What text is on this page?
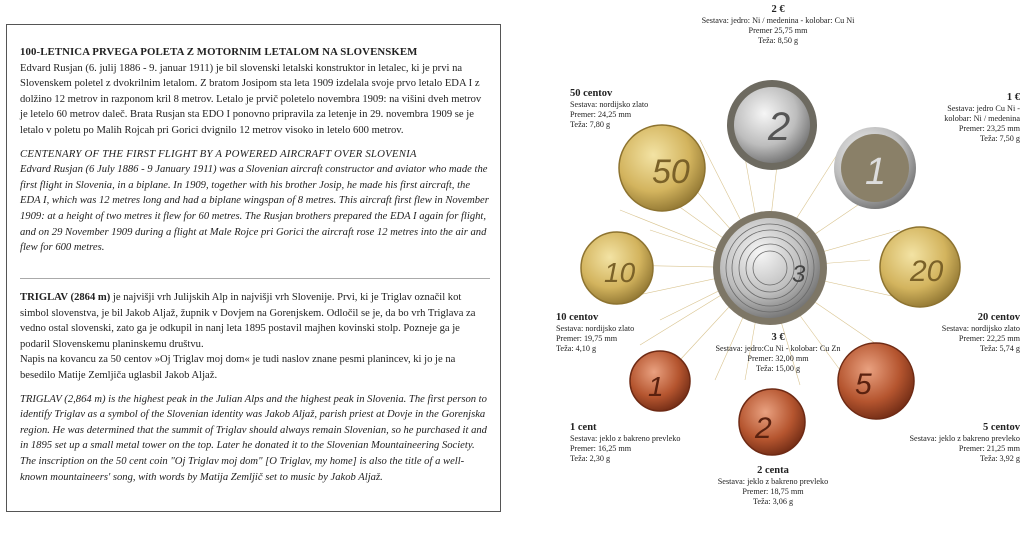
100-LETNICA PRVEGA POLETA Z MOTORNIM LETALOM NA SLOVENSKEM

Edvard Rusjan (6. julij 1886 - 9. januar 1911) je bil slovenski letalski konstruktor in letalec, ki je prvi na Slovenskem poletel z dvokrilnim letalom. Z bratom Josipom sta leta 1909 izdelala svoje prvo letalo EDA I z dolžino 12 metrov in razponom kril 8 metrov. Letalo je prvič poletelo novembra 1909: na višini dveh metrov je letelo 60 metrov daleč. Brata Rusjan sta EDO I ponovno pripravila za letenje in 29. novembra 1909 se je letalo v poletu po Malih Rojcah pri Gorici dvignilo 12 metrov visoko in letelo 600 metrov.

CENTENARY OF THE FIRST FLIGHT BY A POWERED AIRCRAFT OVER SLOVENIA

Edvard Rusjan (6 July 1886 - 9 January 1911) was a Slovenian aircraft constructor and aviator who made the first flight in Slovenia, in a biplane. In 1909, together with his brother Josip, he made his first aircraft, the EDA I, which was 12 metres long and had a biplane wingspan of 8 metres. This aircraft first flew in November 1909: at a height of two metres it flew for 60 metres. The Rusjan brothers prepared the EDA I again for flight, and on 29 November 1909 during a flight at Male Rojce pri Gorici the aircraft rose 12 metres into the air and flew for 600 metres.

TRIGLAV (2864 m) je najvišji vrh Julijskih Alp in najvišji vrh Slovenije. Prvi, ki je Triglav označil kot simbol slovenstva, je bil Jakob Aljaž, župnik v Dovjem na Gorenjskem. Odločil se je, da bo vrh Triglava za vedno ostal slovenski, zato ga je odkupil in nanj leta 1895 postavil majhen kovinski stolp. Pozneje ga je podaril Slovenskemu planinskemu društvu.

Napis na kovancu za 50 centov »Oj Triglav moj dom« je tudi naslov znane pesmi planincev, ki jo je na besedilo Matije Zemljiča uglasbil Jakob Aljaž.

TRIGLAV (2,864 m) is the highest peak in the Julian Alps and the highest peak in Slovenia. The first person to identify Triglav as a symbol of the Slovenian identity was Jakob Aljaž, parish priest at Dovje in the Gorenjska region. He was determined that the summit of Triglav should always remain Slovenian, so he purchased it and in 1895 set up a small metal tower on the top. Later he donated it to the Slovenian Mountaineering Society.

The inscription on the 50 cent coin "Oj Triglav moj dom" [O Triglav, my home] is also the title of a well-known mountaineers' song, with words by Matija Zemljič set to music by Jakob Aljaž.

2
1
50
20
10	3
5
1
2
2 €
Sestava: jedro: Ni / medenina - kolobar: Cu Ni
Premer 25,75 mm
Teža: 8,50 g
1 €
Sestava: jedro Cu Ni -
kolobar: Ni / medenina
Premer: 23,25 mm
Teža: 7,50 g
50 centov
Sestava: nordijsko zlato
Premer: 24,25 mm
Teža: 7,80 g
20 centov
Sestava: nordijsko zlato
Premer: 22,25 mm
Teža: 5,74 g
10 centov
Sestava: nordijsko zlato
Premer: 19,75 mm
Teža: 4,10 g
3 €
Sestava: jedro:Cu Ni - kolobar: Cu Zn
Premer: 32,00 mm
Teža: 15,00 g
5 centov
Sestava: jeklo z bakreno prevleko
Premer: 21,25 mm
Teža: 3,92 g
1 cent
Sestava: jeklo z bakreno prevleko
Premer: 16,25 mm
Teža: 2,30 g
2 centa
Sestava: jeklo z bakreno prevleko
Premer: 18,75 mm
Teža: 3,06 g
